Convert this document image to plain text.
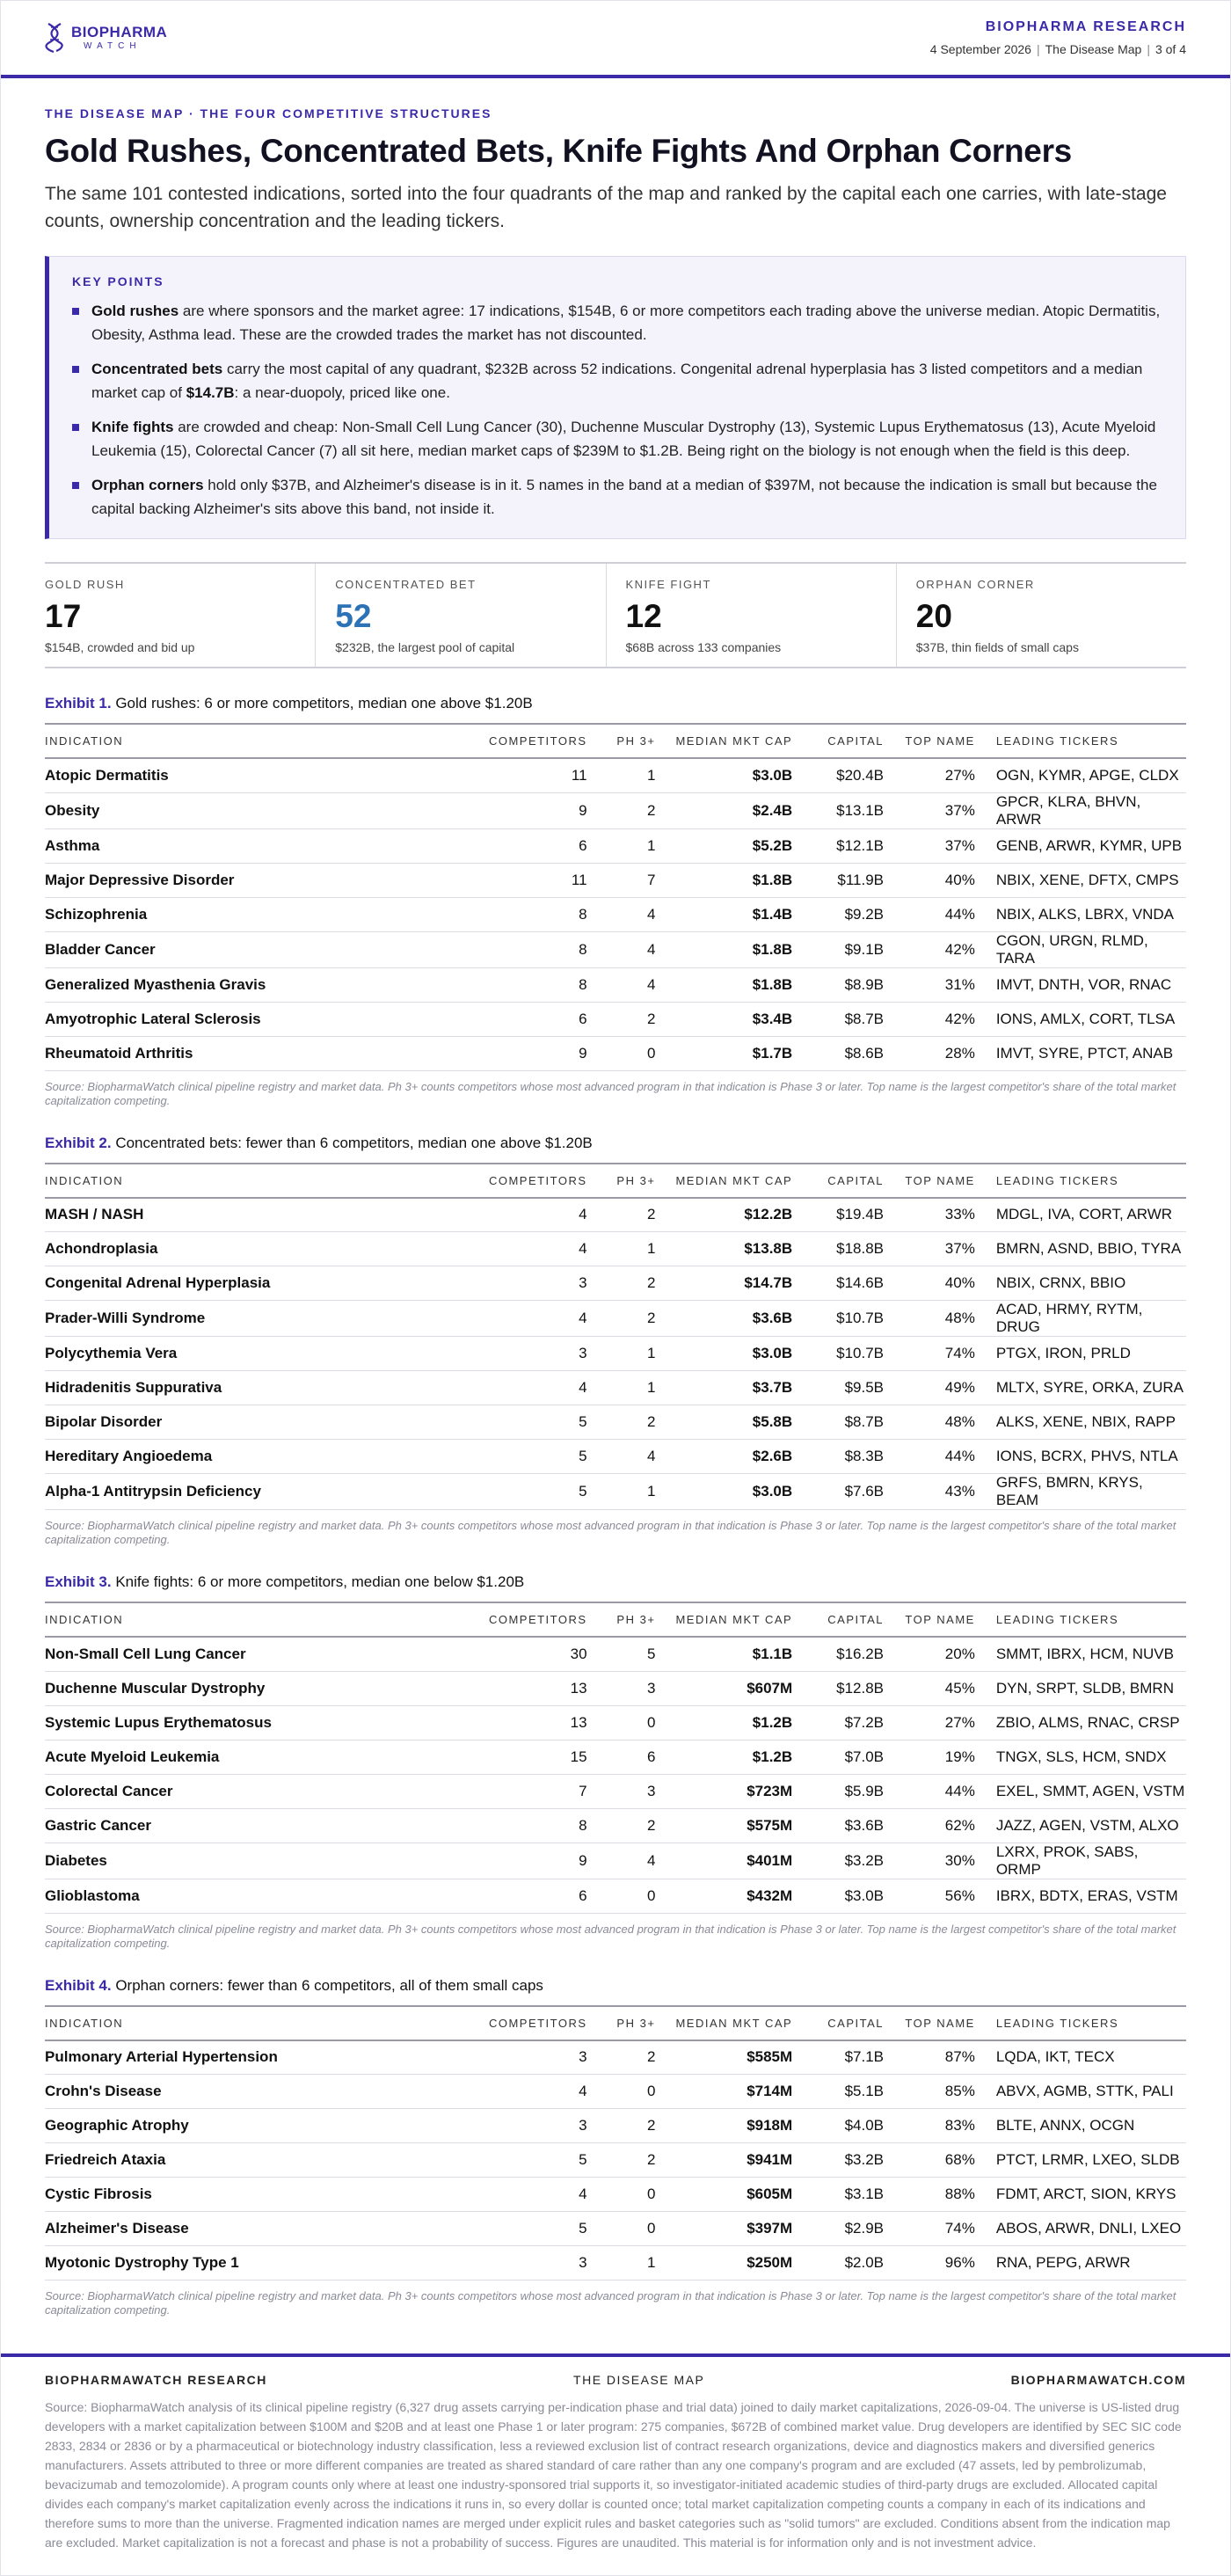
BIOPHARMA
WATCH
BIOPHARMA RESEARCH
4 September 2026 | The Disease Map | 3 of 4
THE DISEASE MAP · THE FOUR COMPETITIVE STRUCTURES
Gold Rushes, Concentrated Bets, Knife Fights And Orphan Corners

The same 101 contested indications, sorted into the four quadrants of the map and ranked by the capital each one carries, with late-stage counts, ownership concentration and the leading tickers.

KEY POINTS
Gold rushes are where sponsors and the market agree: 17 indications, $154B, 6 or more competitors each trading above the universe median. Atopic Dermatitis, Obesity, Asthma lead. These are the crowded trades the market has not discounted.
Concentrated bets carry the most capital of any quadrant, $232B across 52 indications. Congenital adrenal hyperplasia has 3 listed competitors and a median market cap of $14.7B: a near-duopoly, priced like one.
Knife fights are crowded and cheap: Non-Small Cell Lung Cancer (30), Duchenne Muscular Dystrophy (13), Systemic Lupus Erythematosus (13), Acute Myeloid Leukemia (15), Colorectal Cancer (7) all sit here, median market caps of $239M to $1.2B. Being right on the biology is not enough when the field is this deep.
Orphan corners hold only $37B, and Alzheimer's disease is in it. 5 names in the band at a median of $397M, not because the indication is small but because the capital backing Alzheimer's sits above this band, not inside it.
GOLD RUSH
17
$154B, crowded and bid up
CONCENTRATED BET
52
$232B, the largest pool of capital
KNIFE FIGHT
12
$68B across 133 companies
ORPHAN CORNER
20
$37B, thin fields of small caps
Exhibit 1. Gold rushes: 6 or more competitors, median one above $1.20B
INDICATION	COMPETITORS	PH 3+	MEDIAN MKT CAP	CAPITAL	TOP NAME	LEADING TICKERS
Atopic Dermatitis	11	1	$3.0B	$20.4B	27%	OGN, KYMR, APGE, CLDX
Obesity	9	2	$2.4B	$13.1B	37%	GPCR, KLRA, BHVN, ARWR
Asthma	6	1	$5.2B	$12.1B	37%	GENB, ARWR, KYMR, UPB
Major Depressive Disorder	11	7	$1.8B	$11.9B	40%	NBIX, XENE, DFTX, CMPS
Schizophrenia	8	4	$1.4B	$9.2B	44%	NBIX, ALKS, LBRX, VNDA
Bladder Cancer	8	4	$1.8B	$9.1B	42%	CGON, URGN, RLMD, TARA
Generalized Myasthenia Gravis	8	4	$1.8B	$8.9B	31%	IMVT, DNTH, VOR, RNAC
Amyotrophic Lateral Sclerosis	6	2	$3.4B	$8.7B	42%	IONS, AMLX, CORT, TLSA
Rheumatoid Arthritis	9	0	$1.7B	$8.6B	28%	IMVT, SYRE, PTCT, ANAB

Source: BiopharmaWatch clinical pipeline registry and market data. Ph 3+ counts competitors whose most advanced program in that indication is Phase 3 or later. Top name is the largest competitor's share of the total market capitalization competing.

Exhibit 2. Concentrated bets: fewer than 6 competitors, median one above $1.20B
INDICATION	COMPETITORS	PH 3+	MEDIAN MKT CAP	CAPITAL	TOP NAME	LEADING TICKERS
MASH / NASH	4	2	$12.2B	$19.4B	33%	MDGL, IVA, CORT, ARWR
Achondroplasia	4	1	$13.8B	$18.8B	37%	BMRN, ASND, BBIO, TYRA
Congenital Adrenal Hyperplasia	3	2	$14.7B	$14.6B	40%	NBIX, CRNX, BBIO
Prader-Willi Syndrome	4	2	$3.6B	$10.7B	48%	ACAD, HRMY, RYTM, DRUG
Polycythemia Vera	3	1	$3.0B	$10.7B	74%	PTGX, IRON, PRLD
Hidradenitis Suppurativa	4	1	$3.7B	$9.5B	49%	MLTX, SYRE, ORKA, ZURA
Bipolar Disorder	5	2	$5.8B	$8.7B	48%	ALKS, XENE, NBIX, RAPP
Hereditary Angioedema	5	4	$2.6B	$8.3B	44%	IONS, BCRX, PHVS, NTLA
Alpha-1 Antitrypsin Deficiency	5	1	$3.0B	$7.6B	43%	GRFS, BMRN, KRYS, BEAM

Source: BiopharmaWatch clinical pipeline registry and market data. Ph 3+ counts competitors whose most advanced program in that indication is Phase 3 or later. Top name is the largest competitor's share of the total market capitalization competing.

Exhibit 3. Knife fights: 6 or more competitors, median one below $1.20B
INDICATION	COMPETITORS	PH 3+	MEDIAN MKT CAP	CAPITAL	TOP NAME	LEADING TICKERS
Non-Small Cell Lung Cancer	30	5	$1.1B	$16.2B	20%	SMMT, IBRX, HCM, NUVB
Duchenne Muscular Dystrophy	13	3	$607M	$12.8B	45%	DYN, SRPT, SLDB, BMRN
Systemic Lupus Erythematosus	13	0	$1.2B	$7.2B	27%	ZBIO, ALMS, RNAC, CRSP
Acute Myeloid Leukemia	15	6	$1.2B	$7.0B	19%	TNGX, SLS, HCM, SNDX
Colorectal Cancer	7	3	$723M	$5.9B	44%	EXEL, SMMT, AGEN, VSTM
Gastric Cancer	8	2	$575M	$3.6B	62%	JAZZ, AGEN, VSTM, ALXO
Diabetes	9	4	$401M	$3.2B	30%	LXRX, PROK, SABS, ORMP
Glioblastoma	6	0	$432M	$3.0B	56%	IBRX, BDTX, ERAS, VSTM

Source: BiopharmaWatch clinical pipeline registry and market data. Ph 3+ counts competitors whose most advanced program in that indication is Phase 3 or later. Top name is the largest competitor's share of the total market capitalization competing.

Exhibit 4. Orphan corners: fewer than 6 competitors, all of them small caps
INDICATION	COMPETITORS	PH 3+	MEDIAN MKT CAP	CAPITAL	TOP NAME	LEADING TICKERS
Pulmonary Arterial Hypertension	3	2	$585M	$7.1B	87%	LQDA, IKT, TECX
Crohn's Disease	4	0	$714M	$5.1B	85%	ABVX, AGMB, STTK, PALI
Geographic Atrophy	3	2	$918M	$4.0B	83%	BLTE, ANNX, OCGN
Friedreich Ataxia	5	2	$941M	$3.2B	68%	PTCT, LRMR, LXEO, SLDB
Cystic Fibrosis	4	0	$605M	$3.1B	88%	FDMT, ARCT, SION, KRYS
Alzheimer's Disease	5	0	$397M	$2.9B	74%	ABOS, ARWR, DNLI, LXEO
Myotonic Dystrophy Type 1	3	1	$250M	$2.0B	96%	RNA, PEPG, ARWR

Source: BiopharmaWatch clinical pipeline registry and market data. Ph 3+ counts competitors whose most advanced program in that indication is Phase 3 or later. Top name is the largest competitor's share of the total market capitalization competing.

BIOPHARMAWATCH RESEARCH	THE DISEASE MAP	BIOPHARMAWATCH.COM

Source: BiopharmaWatch analysis of its clinical pipeline registry (6,327 drug assets carrying per-indication phase and trial data) joined to daily market capitalizations, 2026-09-04. The universe is US-listed drug developers with a market capitalization between $100M and $20B and at least one Phase 1 or later program: 275 companies, $672B of combined market value. Drug developers are identified by SEC SIC code 2833, 2834 or 2836 or by a pharmaceutical or biotechnology industry classification, less a reviewed exclusion list of contract research organizations, device and diagnostics makers and diversified generics manufacturers. Assets attributed to three or more different companies are treated as shared standard of care rather than any one company's program and are excluded (47 assets, led by pembrolizumab, bevacizumab and temozolomide). A program counts only where at least one industry-sponsored trial supports it, so investigator-initiated academic studies of third-party drugs are excluded. Allocated capital divides each company's market capitalization evenly across the indications it runs in, so every dollar is counted once; total market capitalization competing counts a company in each of its indications and therefore sums to more than the universe. Fragmented indication names are merged under explicit rules and basket categories such as "solid tumors" are excluded. Conditions absent from the indication map are excluded. Market capitalization is not a forecast and phase is not a probability of success. Figures are unaudited. This material is for information only and is not investment advice.
